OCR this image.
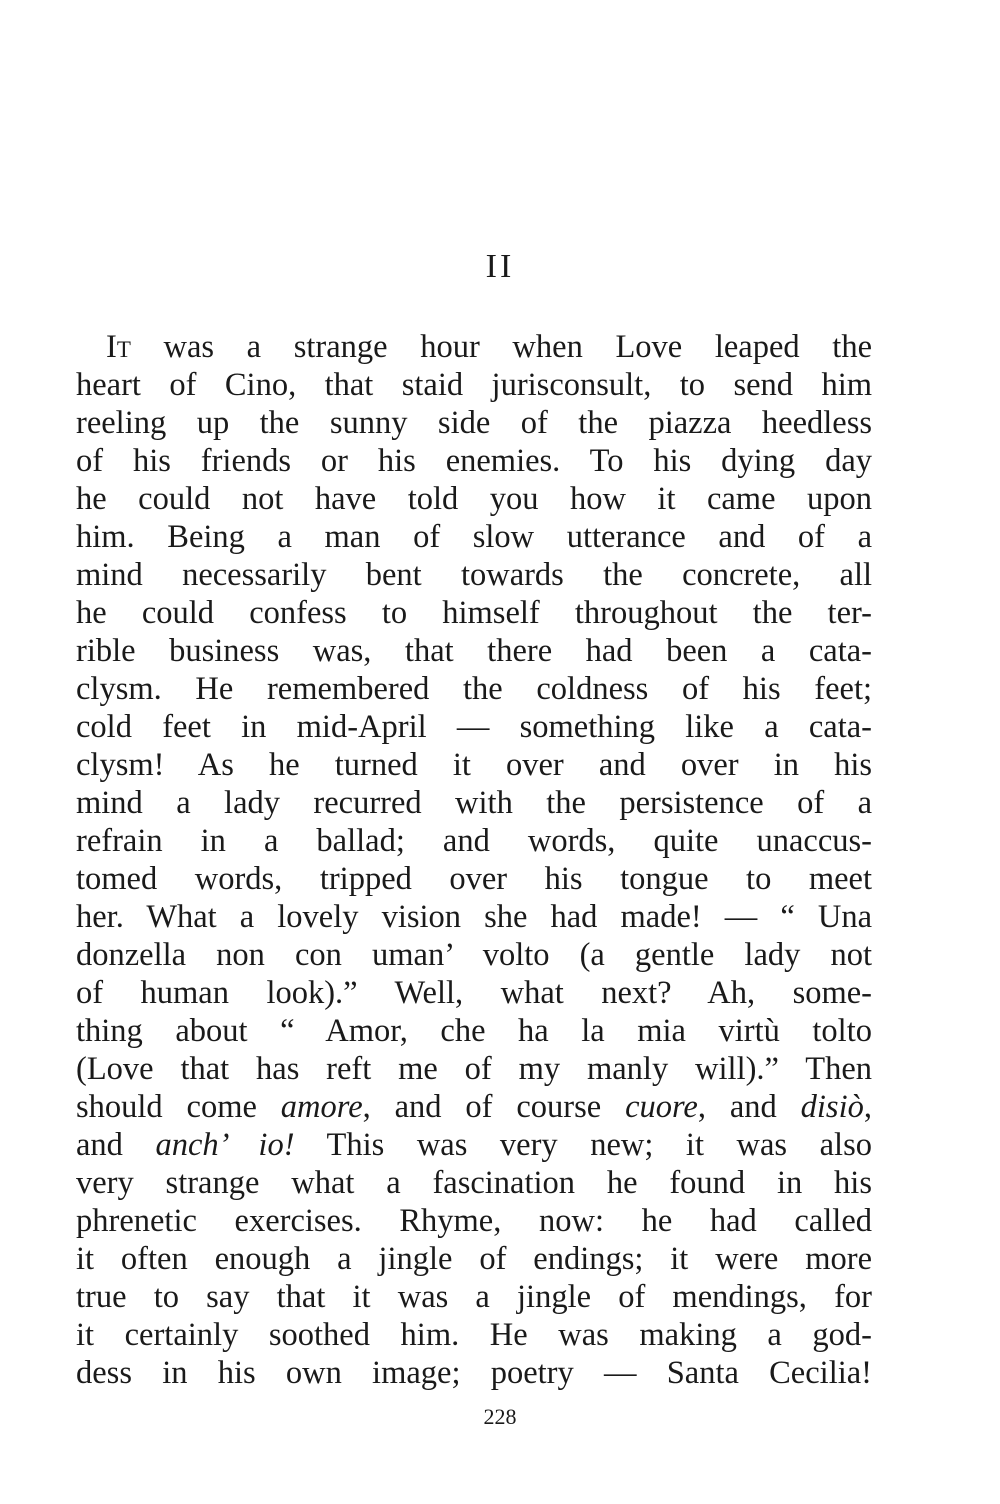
II
It was a strange hour when Love leaped the
heart of Cino, that staid jurisconsult, to send him
reeling up the sunny side of the piazza heedless
of his friends or his enemies. To his dying day
he could not have told you how it came upon
him. Being a man of slow utterance and of a
mind necessarily bent towards the concrete, all
he could confess to himself throughout the ter-
rible business was, that there had been a cata-
clysm. He remembered the coldness of his feet;
cold feet in mid-April — something like a cata-
clysm! As he turned it over and over in his
mind a lady recurred with the persistence of a
refrain in a ballad; and words, quite unaccus-
tomed words, tripped over his tongue to meet
her. What a lovely vision she had made! — “ Una
donzella non con uman’ volto (a gentle lady not
of human look).” Well, what next? Ah, some-
thing about “ Amor, che ha la mia virtù tolto
(Love that has reft me of my manly will).” Then
should come amore, and of course cuore, and disiò,
and anch’ io! This was very new; it was also
very strange what a fascination he found in his
phrenetic exercises. Rhyme, now: he had called
it often enough a jingle of endings; it were more
true to say that it was a jingle of mendings, for
it certainly soothed him. He was making a god-
dess in his own image; poetry — Santa Cecilia!
228
